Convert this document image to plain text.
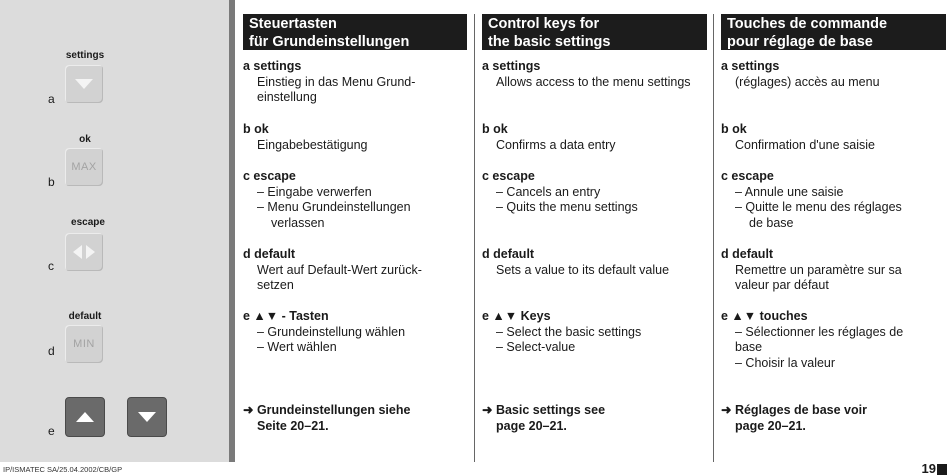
settings
a
ok
MAX
b
escape
c
default
MIN
d
e
Steuertasten
für Grundeinstellungen
a settings
Einstieg in das Menu Grund-
einstellung
b ok
Eingabebestätigung
c escape
– Eingabe verwerfen
– Menu Grundeinstellungen
verlassen
d default
Wert auf Default-Wert zurück-
setzen
e ▲▼ - Tasten
– Grundeinstellung wählen
– Wert wählen
➜ Grundeinstellungen siehe
Seite 20–21.
Control keys for
the basic settings
a settings
Allows access to the menu settings
b ok
Confirms a data entry
c escape
– Cancels an entry
– Quits the menu settings
d default
Sets a value to its default value
e ▲▼ Keys
– Select the basic settings
– Select-value
➜ Basic settings see
page 20–21.
Touches de commande
pour réglage de base
a settings
(réglages) accès au menu
b ok
Confirmation d'une saisie
c escape
– Annule une saisie
– Quitte le menu des réglages
de base
d default
Remettre un paramètre sur sa
valeur par défaut
e ▲▼ touches
– Sélectionner les réglages de
base
– Choisir la valeur
➜ Réglages de base voir
page 20–21.
IP/ISMATEC SA/25.04.2002/CB/GP	19
